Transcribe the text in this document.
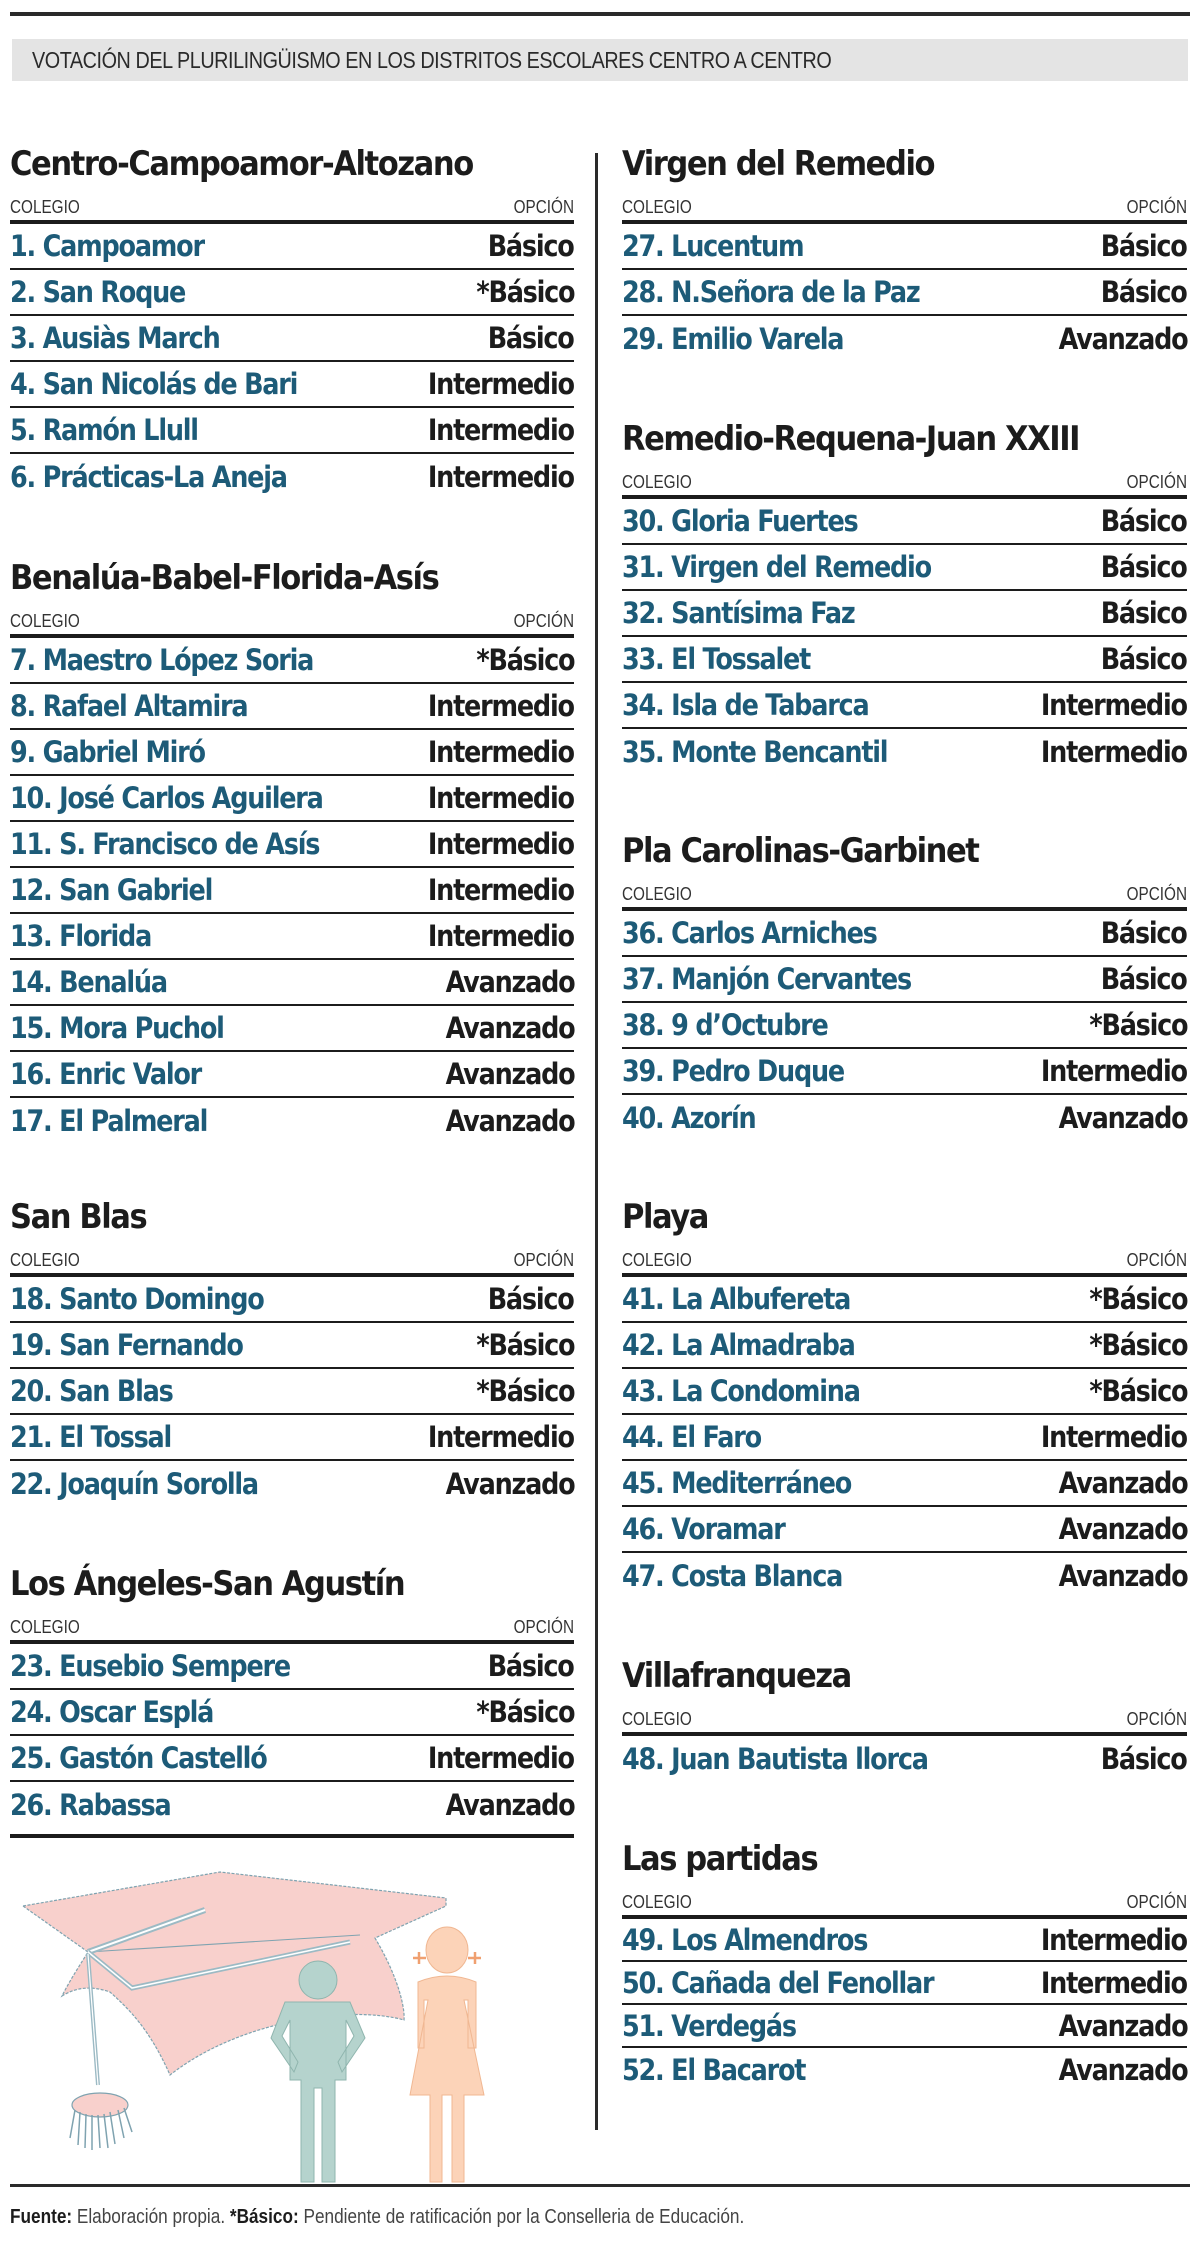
VOTACIÓN DEL PLURILINGÜISMO EN LOS DISTRITOS ESCOLARES CENTRO A CENTRO
Centro-Campoamor-Altozano
COLEGIO	OPCIÓN
1. Campoamor	Básico
2. San Roque	*Básico
3. Ausiàs March	Básico
4. San Nicolás de Bari	Intermedio
5. Ramón Llull	Intermedio
6. Prácticas-La Aneja	Intermedio
Benalúa-Babel-Florida-Asís
COLEGIO	OPCIÓN
7. Maestro López Soria	*Básico
8. Rafael Altamira	Intermedio
9. Gabriel Miró	Intermedio
10. José Carlos Aguilera	Intermedio
11. S. Francisco de Asís	Intermedio
12. San Gabriel	Intermedio
13. Florida	Intermedio
14. Benalúa	Avanzado
15. Mora Puchol	Avanzado
16. Enric Valor	Avanzado
17. El Palmeral	Avanzado
San Blas
COLEGIO	OPCIÓN
18. Santo Domingo	Básico
19. San Fernando	*Básico
20. San Blas	*Básico
21. El Tossal	Intermedio
22. Joaquín Sorolla	Avanzado
Los Ángeles-San Agustín
COLEGIO	OPCIÓN
23. Eusebio Sempere	Básico
24. Oscar Esplá	*Básico
25. Gastón Castelló	Intermedio
26. Rabassa	Avanzado
Virgen del Remedio
COLEGIO	OPCIÓN
27. Lucentum	Básico
28. N.Señora de la Paz	Básico
29. Emilio Varela	Avanzado
Remedio-Requena-Juan XXIII
COLEGIO	OPCIÓN
30. Gloria Fuertes	Básico
31. Virgen del Remedio	Básico
32. Santísima Faz	Básico
33. El Tossalet	Básico
34. Isla de Tabarca	Intermedio
35. Monte Bencantil	Intermedio
Pla Carolinas-Garbinet
COLEGIO	OPCIÓN
36. Carlos Arniches	Básico
37. Manjón Cervantes	Básico
38. 9 d’Octubre	*Básico
39. Pedro Duque	Intermedio
40. Azorín	Avanzado
Playa
COLEGIO	OPCIÓN
41. La Albufereta	*Básico
42. La Almadraba	*Básico
43. La Condomina	*Básico
44. El Faro	Intermedio
45. Mediterráneo	Avanzado
46. Voramar	Avanzado
47. Costa Blanca	Avanzado
Villafranqueza
COLEGIO	OPCIÓN
48. Juan Bautista llorca	Básico
Las partidas
COLEGIO	OPCIÓN
49. Los Almendros	Intermedio
50. Cañada del Fenollar	Intermedio
51. Verdegás	Avanzado
52. El Bacarot	Avanzado
Fuente: Elaboración propia. *Básico: Pendiente de ratificación por la Conselleria de Educación.
